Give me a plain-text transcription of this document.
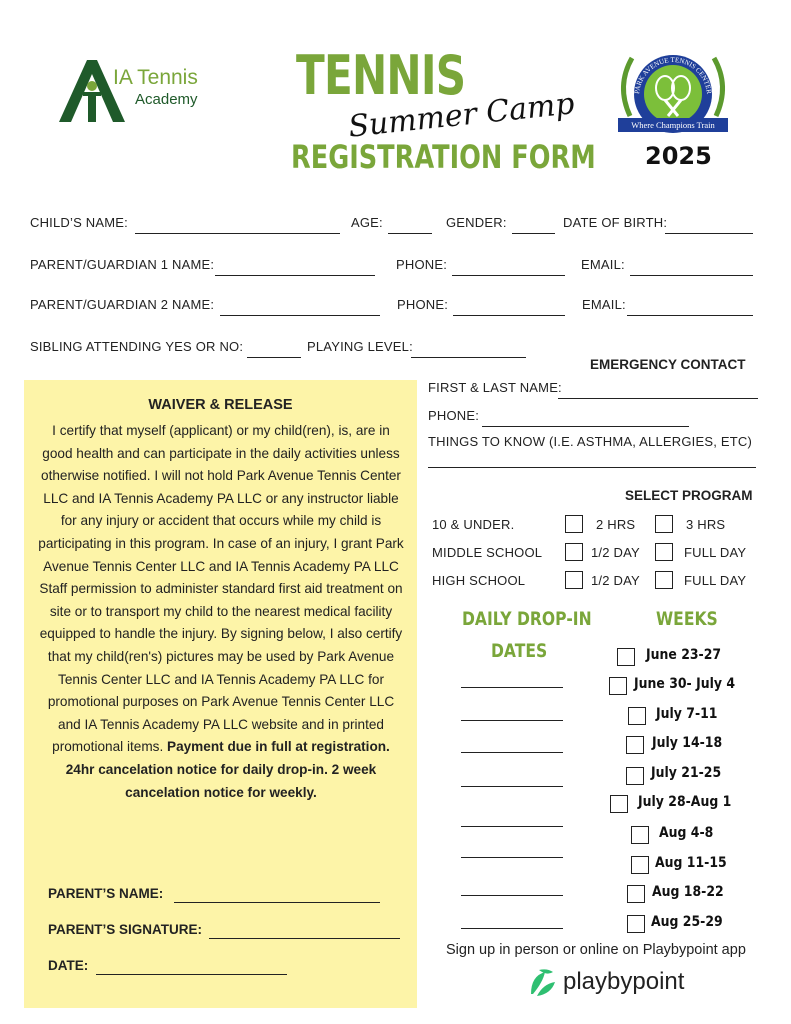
IA Tennis
Academy TENNIS
Summer Camp
REGISTRATION FORM
PARK AVENUE TENNIS CENTER
Where Champions Train
2025
CHILD’S NAME:	AGE:	GENDER:	DATE OF BIRTH:
PARENT/GUARDIAN 1 NAME:	PHONE:	EMAIL:
PARENT/GUARDIAN 2 NAME:	PHONE:	EMAIL:
SIBLING ATTENDING YES OR NO:	PLAYING LEVEL:
EMERGENCY CONTACT
FIRST & LAST NAME:
PHONE:
THINGS TO KNOW (I.E. ASTHMA, ALLERGIES, ETC)
WAIVER & RELEASE
I certify that myself (applicant) or my child(ren), is, are in good health and can participate in the daily activities unless otherwise notified. I will not hold Park Avenue Tennis Center LLC and IA Tennis Academy PA LLC or any instructor liable for any injury or accident that occurs while my child is participating in this program. In case of an injury, I grant Park Avenue Tennis Center LLC and IA Tennis Academy PA LLC Staff permission to administer standard first aid treatment on site or to transport my child to the nearest medical facility equipped to handle the injury. By signing below, I also certify that my child(ren's) pictures may be used by Park Avenue Tennis Center LLC and IA Tennis Academy PA LLC for promotional purposes on Park Avenue Tennis Center LLC and IA Tennis Academy PA LLC website and in printed promotional items. Payment due in full at registration. 24hr cancelation notice for daily drop-in. 2 week cancelation notice for weekly.
PARENT’S NAME:
PARENT’S SIGNATURE:
DATE:
SELECT PROGRAM
10 & UNDER.	2 HRS	3 HRS
MIDDLE SCHOOL	1/2 DAY	FULL DAY
HIGH SCHOOL	1/2 DAY	FULL DAY
DAILY DROP-IN
DATES
WEEKS
June 23-27
June 30- July 4
July 7-11
July 14-18
July 21-25
July 28-Aug 1
Aug 4-8
Aug 11-15
Aug 18-22
Aug 25-29
Sign up in person or online on Playbypoint app
playbypoint
